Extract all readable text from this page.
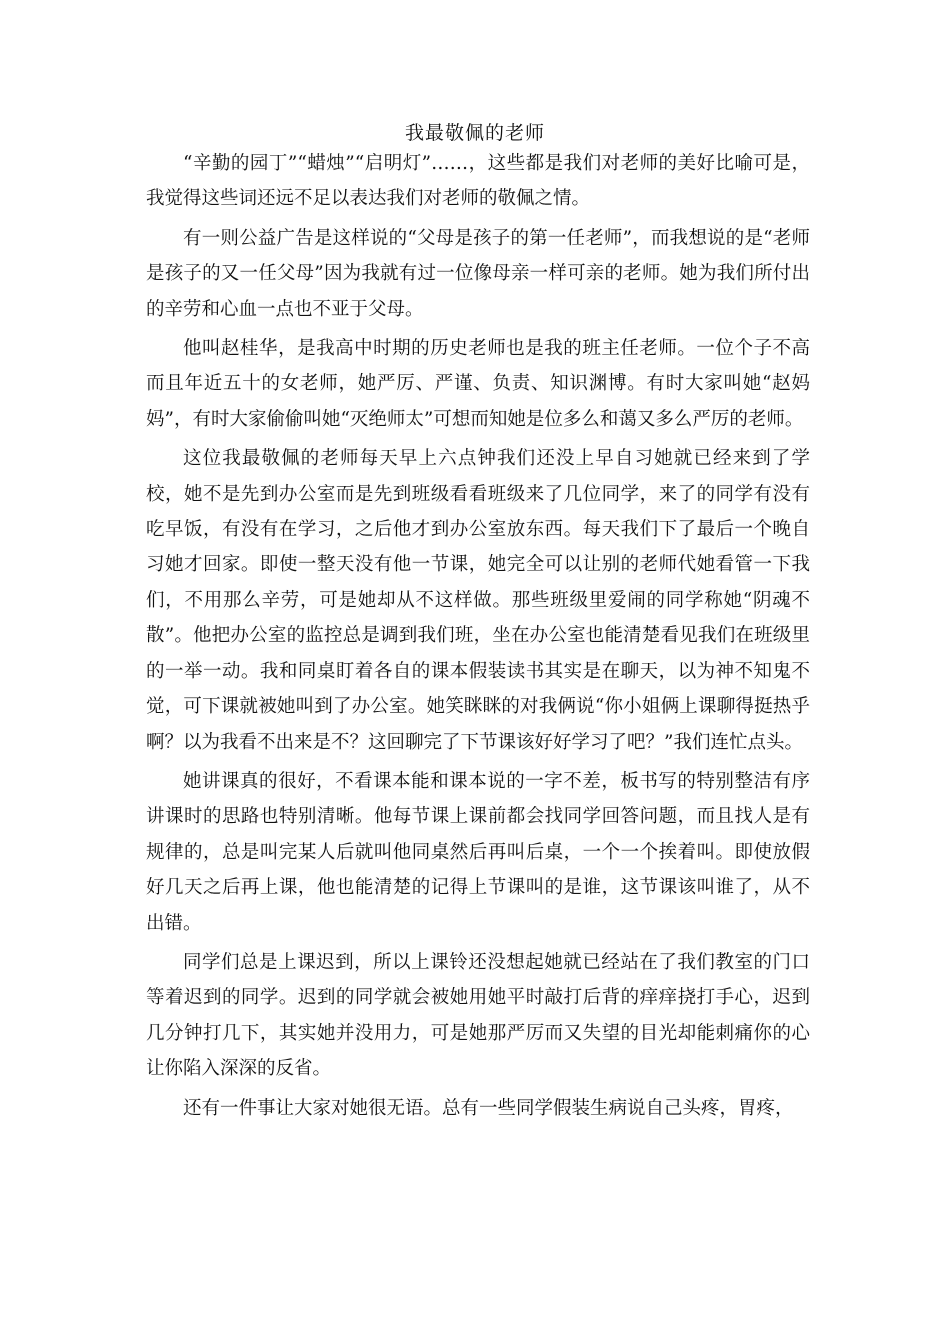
我最敬佩的老师

“辛勤的园丁”“蜡烛”“启明灯”……，这些都是我们对老师的美好比喻可是，我觉得这些词还远不足以表达我们对老师的敬佩之情。

有一则公益广告是这样说的“父母是孩子的第一任老师”，而我想说的是“老师是孩子的又一任父母”因为我就有过一位像母亲一样可亲的老师。她为我们所付出的辛劳和心血一点也不亚于父母。

他叫赵桂华，是我高中时期的历史老师也是我的班主任老师。一位个子不高而且年近五十的女老师，她严厉、严谨、负责、知识渊博。有时大家叫她“赵妈妈”，有时大家偷偷叫她“灭绝师太”可想而知她是位多么和蔼又多么严厉的老师。

这位我最敬佩的老师每天早上六点钟我们还没上早自习她就已经来到了学校，她不是先到办公室而是先到班级看看班级来了几位同学，来了的同学有没有吃早饭，有没有在学习，之后他才到办公室放东西。每天我们下了最后一个晚自习她才回家。即使一整天没有他一节课，她完全可以让别的老师代她看管一下我们，不用那么辛劳，可是她却从不这样做。那些班级里爱闹的同学称她“阴魂不散”。他把办公室的监控总是调到我们班，坐在办公室也能清楚看见我们在班级里的一举一动。我和同桌盯着各自的课本假装读书其实是在聊天，以为神不知鬼不觉，可下课就被她叫到了办公室。她笑眯眯的对我俩说“你小姐俩上课聊得挺热乎啊？以为我看不出来是不？这回聊完了下节课该好好学习了吧？”我们连忙点头。

她讲课真的很好，不看课本能和课本说的一字不差，板书写的特别整洁有序讲课时的思路也特别清晰。他每节课上课前都会找同学回答问题，而且找人是有规律的，总是叫完某人后就叫他同桌然后再叫后桌，一个一个挨着叫。即使放假好几天之后再上课，他也能清楚的记得上节课叫的是谁，这节课该叫谁了，从不出错。

同学们总是上课迟到，所以上课铃还没想起她就已经站在了我们教室的门口等着迟到的同学。迟到的同学就会被她用她平时敲打后背的痒痒挠打手心，迟到几分钟打几下，其实她并没用力，可是她那严厉而又失望的目光却能刺痛你的心让你陷入深深的反省。

还有一件事让大家对她很无语。总有一些同学假装生病说自己头疼，胃疼，
